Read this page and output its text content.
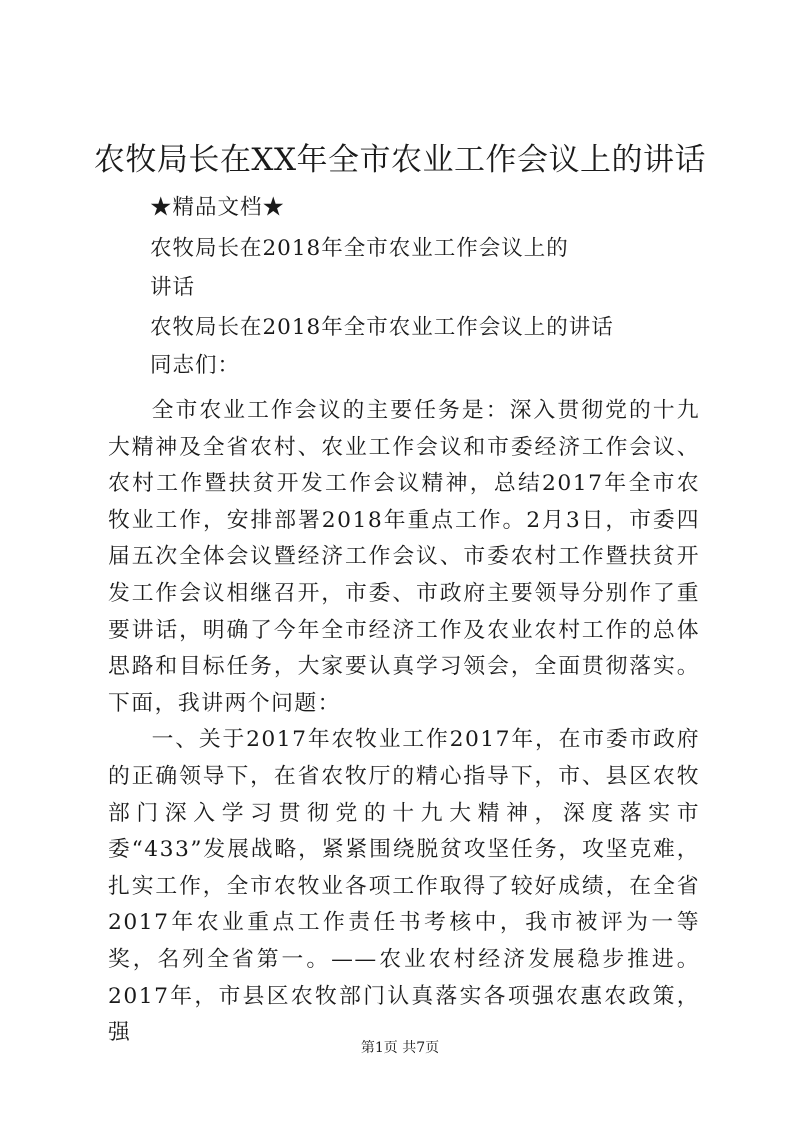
农牧局长在XX年全市农业工作会议上的讲话
★精品文档★
农牧局长在2018年全市农业工作会议上的
讲话
农牧局长在2018年全市农业工作会议上的讲话
同志们：

全市农业工作会议的主要任务是：深入贯彻党的十九大精神及全省农村、农业工作会议和市委经济工作会议、农村工作暨扶贫开发工作会议精神，总结2017年全市农牧业工作，安排部署2018年重点工作。2月3日，市委四届五次全体会议暨经济工作会议、市委农村工作暨扶贫开发工作会议相继召开，市委、市政府主要领导分别作了重要讲话，明确了今年全市经济工作及农业农村工作的总体思路和目标任务，大家要认真学习领会，全面贯彻落实。下面，我讲两个问题：

一、关于2017年农牧业工作2017年，在市委市政府的正确领导下，在省农牧厅的精心指导下，市、县区农牧部门深入学习贯彻党的十九大精神，深度落实市委“433”发展战略，紧紧围绕脱贫攻坚任务，攻坚克难，扎实工作，全市农牧业各项工作取得了较好成绩，在全省2017年农业重点工作责任书考核中，我市被评为一等奖，名列全省第一。——农业农村经济发展稳步推进。2017年，市县区农牧部门认真落实各项强农惠农政策，强

第1页 共7页
